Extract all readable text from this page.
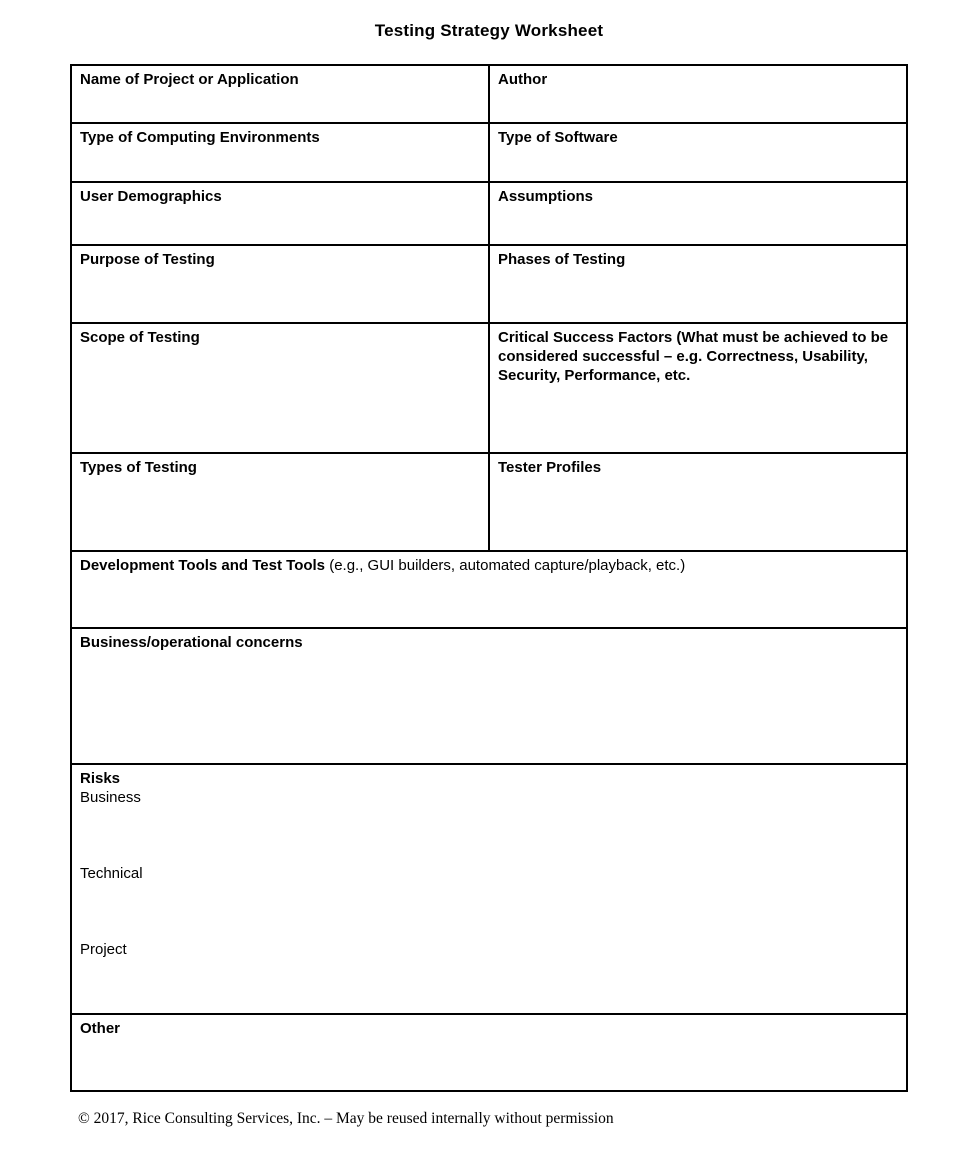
Testing Strategy Worksheet
Name of Project or Application	Author
Type of Computing Environments	Type of Software
User Demographics	Assumptions
Purpose of Testing	Phases of Testing
Scope of Testing	Critical Success Factors (What must be achieved to be considered successful – e.g. Correctness, Usability, Security, Performance, etc.
Types of Testing	Tester Profiles
Development Tools and Test Tools (e.g., GUI builders, automated capture/playback, etc.)	
Business/operational concerns	

Risks
Business
Technical
Project	

Other	
© 2017, Rice Consulting Services, Inc. – May be reused internally without permission
